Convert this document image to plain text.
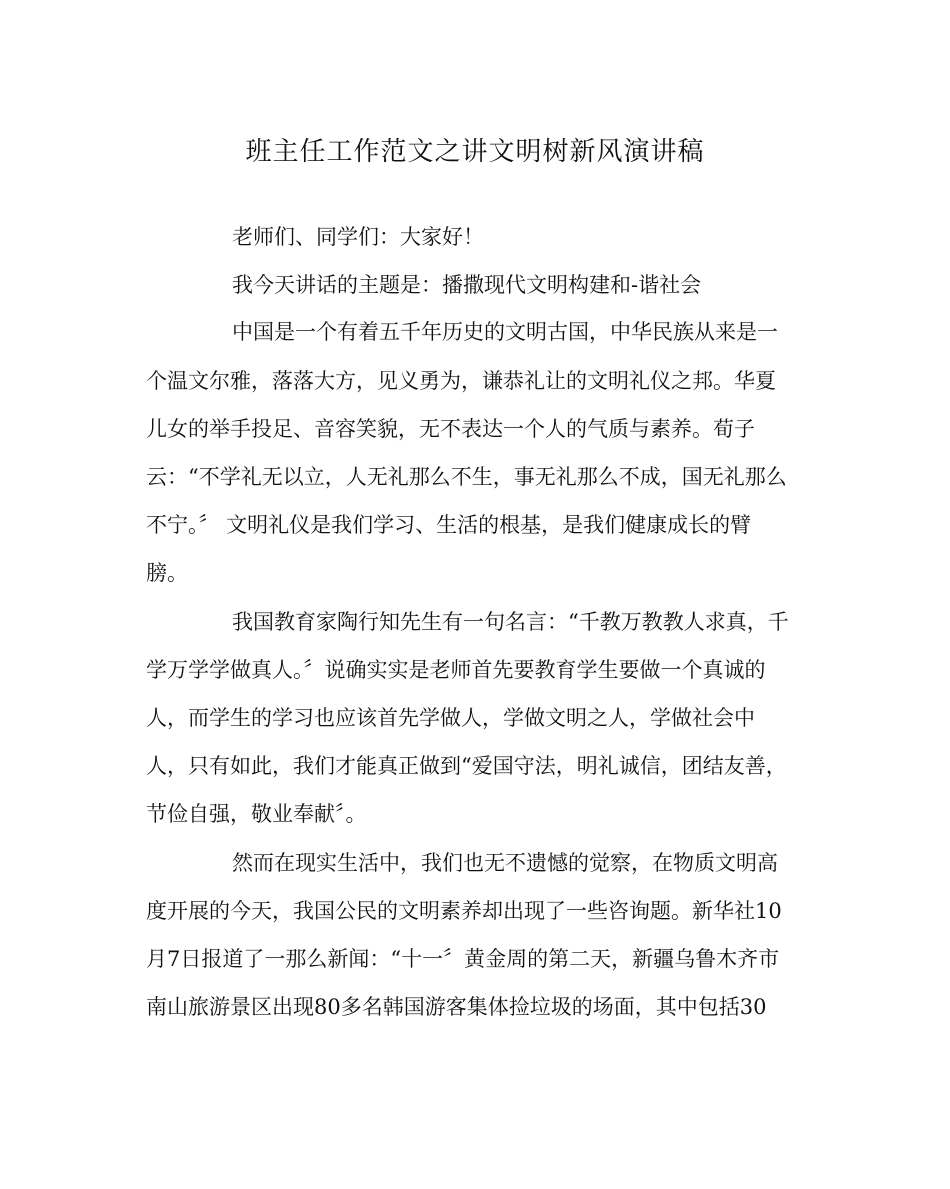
班主任工作范文之讲文明树新风演讲稿

老师们、同学们：大家好！

我今天讲话的主题是：播撒现代文明构建和-谐社会

中国是一个有着五千年历史的文明古国，中华民族从来是一

个温文尔雅，落落大方，见义勇为，谦恭礼让的文明礼仪之邦。华夏

儿女的举手投足、音容笑貌，无不表达一个人的气质与素养。荀子

云：“不学礼无以立，人无礼那么不生，事无礼那么不成，国无礼那么

不宁。〞 文明礼仪是我们学习、生活的根基，是我们健康成长的臂

膀。

我国教育家陶行知先生有一句名言：“千教万教教人求真，千

学万学学做真人。〞说确实实是老师首先要教育学生要做一个真诚的

人，而学生的学习也应该首先学做人，学做文明之人，学做社会中

人，只有如此，我们才能真正做到“爱国守法，明礼诚信，团结友善，

节俭自强，敬业奉献〞。

然而在现实生活中，我们也无不遗憾的觉察，在物质文明高

度开展的今天，我国公民的文明素养却出现了一些咨询题。新华社10

月7日报道了一那么新闻：“十一〞黄金周的第二天，新疆乌鲁木齐市

南山旅游景区出现80多名韩国游客集体捡垃圾的场面，其中包括30
